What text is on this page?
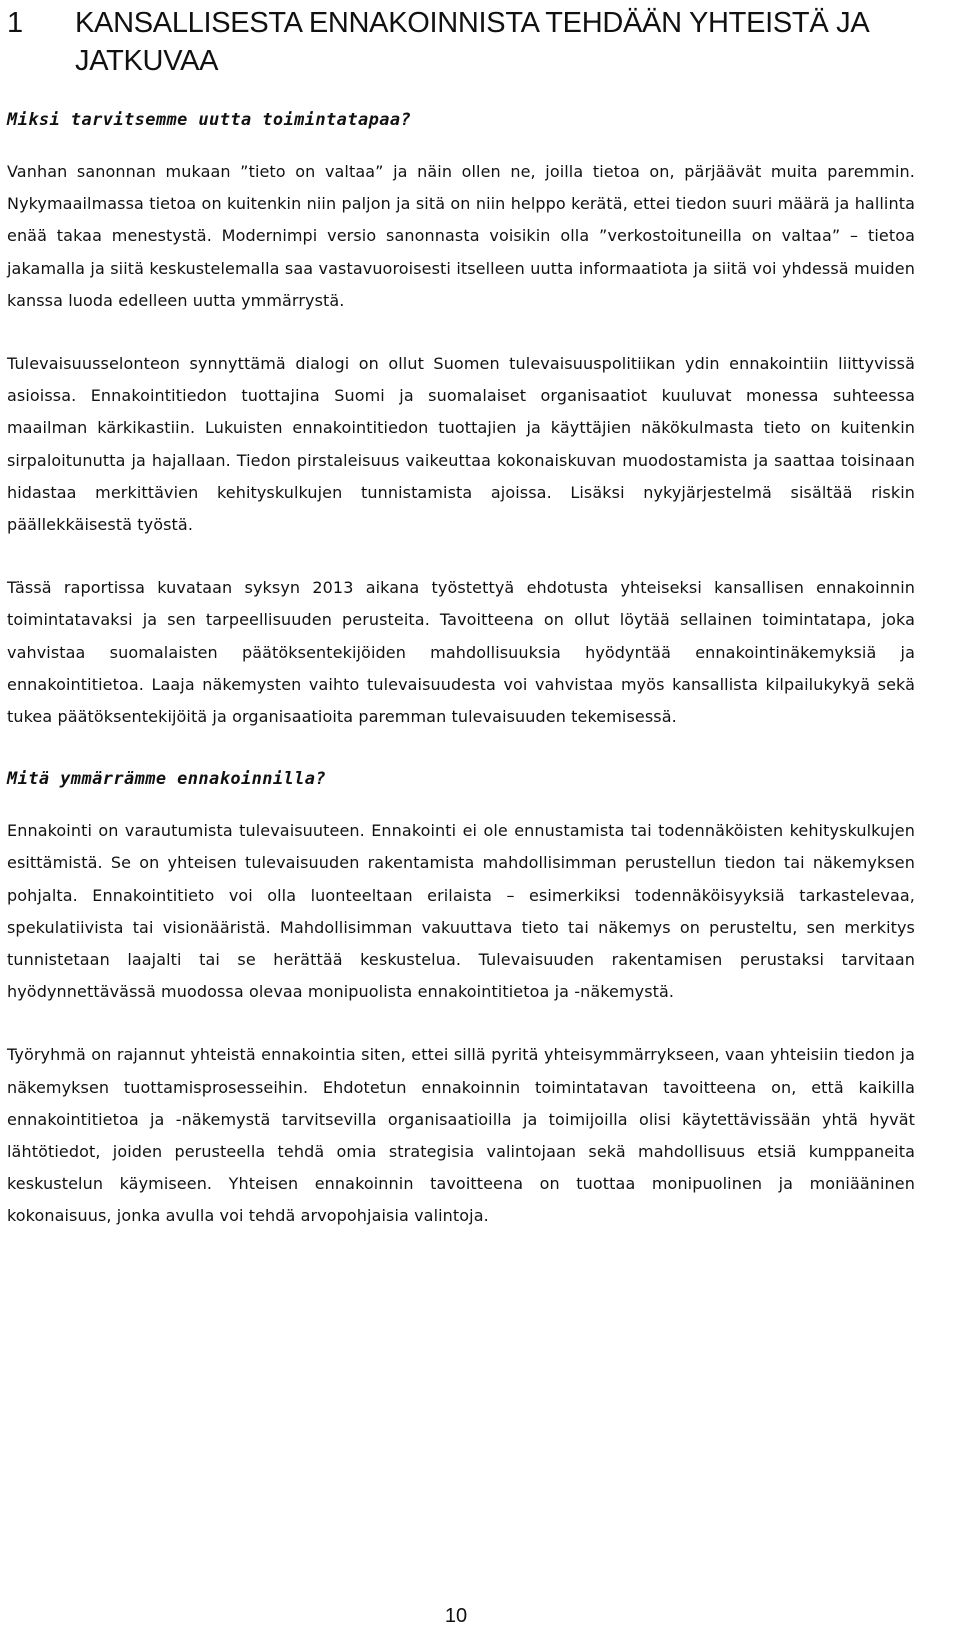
1	KANSALLISESTA ENNAKOINNISTA TEHDÄÄN YHTEISTÄ JA JATKUVAA
Miksi tarvitsemme uutta toimintatapaa?

Vanhan sanonnan mukaan ”tieto on valtaa” ja näin ollen ne, joilla tietoa on, pärjäävät muita paremmin. Nykymaailmassa tietoa on kuitenkin niin paljon ja sitä on niin helppo kerätä, ettei tiedon suuri määrä ja hallinta enää takaa menestystä. Modernimpi versio sanonnasta voisikin olla ”verkostoituneilla on valtaa” – tietoa jakamalla ja siitä keskustelemalla saa vastavuoroisesti itselleen uutta informaatiota ja siitä voi yhdessä muiden kanssa luoda edelleen uutta ymmärrystä.

Tulevaisuusselonteon synnyttämä dialogi on ollut Suomen tulevaisuuspolitiikan ydin ennakointiin liittyvissä asioissa. Ennakointitiedon tuottajina Suomi ja suomalaiset organisaatiot kuuluvat monessa suhteessa maailman kärkikastiin. Lukuisten ennakointitiedon tuottajien ja käyttäjien näkökulmasta tieto on kuitenkin sirpaloitunutta ja hajallaan. Tiedon pirstaleisuus vaikeuttaa kokonaiskuvan muodostamista ja saattaa toisinaan hidastaa merkittävien kehityskulkujen tunnistamista ajoissa. Lisäksi nykyjärjestelmä sisältää riskin päällekkäisestä työstä.

Tässä raportissa kuvataan syksyn 2013 aikana työstettyä ehdotusta yhteiseksi kansallisen ennakoinnin toimintatavaksi ja sen tarpeellisuuden perusteita. Tavoitteena on ollut löytää sellainen toimintatapa, joka vahvistaa suomalaisten päätöksentekijöiden mahdollisuuksia hyödyntää ennakointinäkemyksiä ja ennakointitietoa. Laaja näkemysten vaihto tulevaisuudesta voi vahvistaa myös kansallista kilpailukykyä sekä tukea päätöksentekijöitä ja organisaatioita paremman tulevaisuuden tekemisessä.

Mitä ymmärrämme ennakoinnilla?

Ennakointi on varautumista tulevaisuuteen. Ennakointi ei ole ennustamista tai todennäköisten kehityskulkujen esittämistä. Se on yhteisen tulevaisuuden rakentamista mahdollisimman perustellun tiedon tai näkemyksen pohjalta. Ennakointitieto voi olla luonteeltaan erilaista – esimerkiksi todennäköisyyksiä tarkastelevaa, spekulatiivista tai visionääristä. Mahdollisimman vakuuttava tieto tai näkemys on perusteltu, sen merkitys tunnistetaan laajalti tai se herättää keskustelua. Tulevaisuuden rakentamisen perustaksi tarvitaan hyödynnettävässä muodossa olevaa monipuolista ennakointitietoa ja -näkemystä.

Työryhmä on rajannut yhteistä ennakointia siten, ettei sillä pyritä yhteisymmärrykseen, vaan yhteisiin tiedon ja näkemyksen tuottamisprosesseihin. Ehdotetun ennakoinnin toimintatavan tavoitteena on, että kaikilla ennakointitietoa ja -näkemystä tarvitsevilla organisaatioilla ja toimijoilla olisi käytettävissään yhtä hyvät lähtötiedot, joiden perusteella tehdä omia strategisia valintojaan sekä mahdollisuus etsiä kumppaneita keskustelun käymiseen. Yhteisen ennakoinnin tavoitteena on tuottaa monipuolinen ja moniääninen kokonaisuus, jonka avulla voi tehdä arvopohjaisia valintoja.

10
